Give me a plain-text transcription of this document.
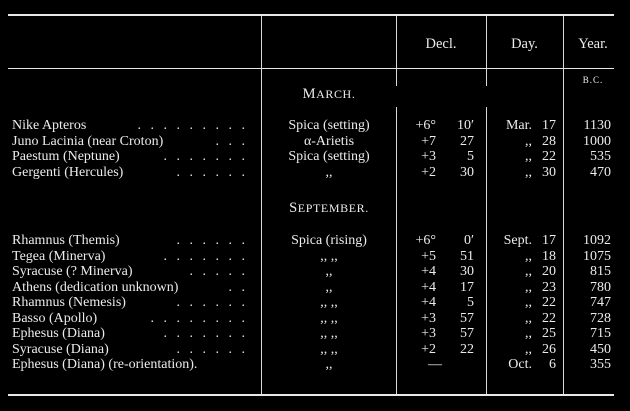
Decl.	Day.	Year.
B.C.
MARCH.
Nike Apteros	. . . . . . . . .	Spica (setting)	+6°	10′	Mar. 17	1130
Juno Lacinia (near Croton)	. . .	α-Arietis	+7	27	,, 28	1000
Paestum (Neptune)	. . . . . . .	Spica (setting)	+3	5	,, 22	535
Gergenti (Hercules)	. . . . . .	,,	+2	30	,, 30	470
SEPTEMBER.
Rhamnus (Themis)	. . . . . .	Spica (rising)	+6°	0′	Sept. 17	1092
Tegea (Minerva)	. . . . . . .	,, ,,	+5	51	,, 18	1075
Syracuse (? Minerva)	. . . . .	,,	+4	30	,, 20	815
Athens (dedication unknown)	. .	,,	+4	17	,, 23	780
Rhamnus (Nemesis)	. . . . . .	,, ,,	+4	5	,, 22	747
Basso (Apollo)	. . . . . . . .	,, ,,	+3	57	,, 22	728
Ephesus (Diana)	. . . . . . .	,, ,,	+3	57	,, 25	715
Syracuse (Diana)	. . . . . .	,, ,,	+2	22	,, 26	450
Ephesus (Diana) (re-orientation).	,,	—	Oct.	6	355
